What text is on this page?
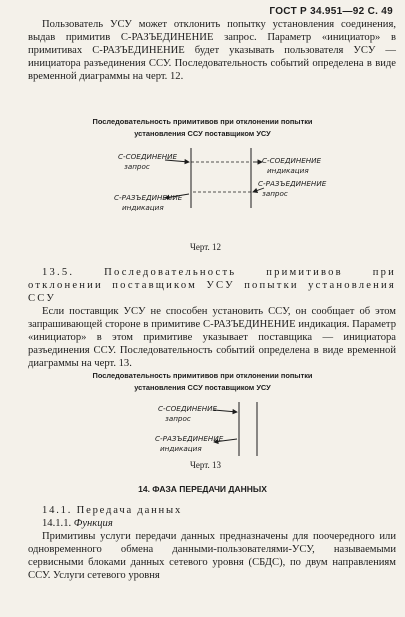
ГОСТ Р 34.951—92 С. 49

Пользователь УСУ может отклонить попытку установления соединения, выдав примитив С-РАЗЪЕДИНЕНИЕ запрос. Параметр «инициатор» в примитивах С-РАЗЪЕДИНЕНИЕ будет указывать пользователя УСУ — инициатора разъединения ССУ. Последовательность событий определена в виде временной диаграммы на черт. 12.

Последовательность примитивов при отклонении попытки
установления ССУ поставщиком УСУ
С-СОЕДИНЕНИЕ
запрос
С-СОЕДИНЕНИЕ
индикация
С-РАЗЪЕДИНЕНИЕ
индикация
С-РАЗЪЕДИНЕНИЕ
запрос
Черт. 12

13.5. Последовательность примитивов при отклонении поставщиком УСУ попытки установления ССУ

Если поставщик УСУ не способен установить ССУ, он сообщает об этом запрашивающей стороне в примитиве С-РАЗЪЕДИНЕНИЕ индикация. Параметр «инициатор» в этом примитиве указывает поставщика — инициатора разъединения ССУ. Последовательность событий определена в виде временной диаграммы на черт. 13.

Последовательность примитивов при отклонении попытки
установления ССУ поставщиком УСУ
С-СОЕДИНЕНИЕ
запрос
С-РАЗЪЕДИНЕНИЕ
индикация
Черт. 13
14. ФАЗА ПЕРЕДАЧИ ДАННЫХ

14.1. Передача данных

14.1.1. Функция

Примитивы услуги передачи данных предназначены для поочередного или одновременного обмена данными-пользователями-УСУ, называемыми сервисными блоками данных сетевого уровня (СБДС), по двум направлениям ССУ. Услуги сетевого уровня
